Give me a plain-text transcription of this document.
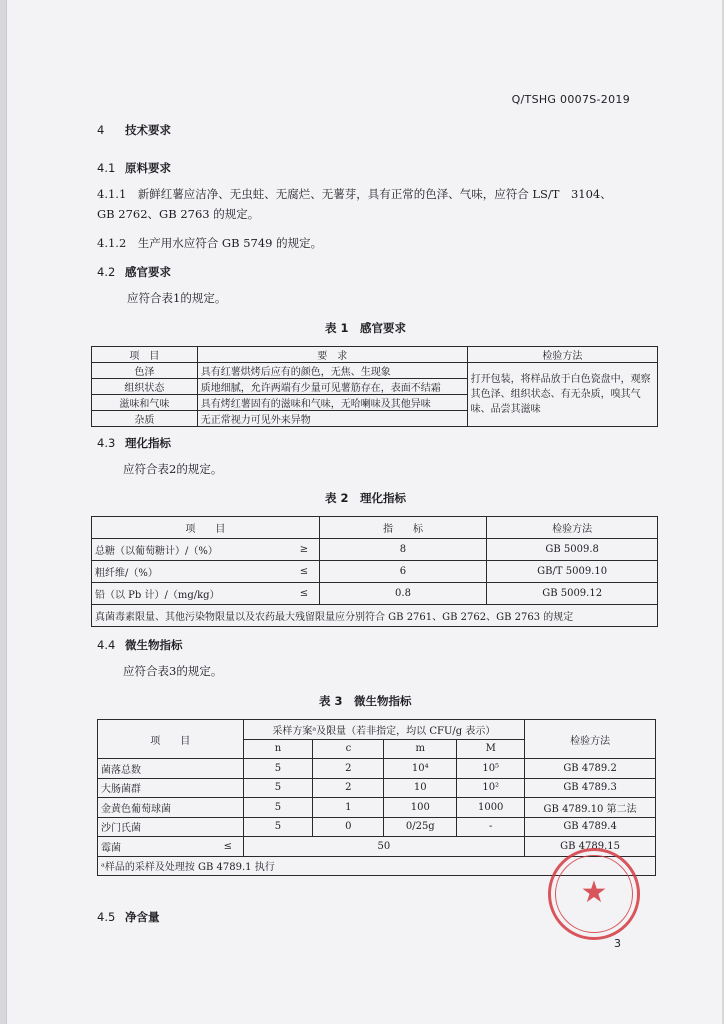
Q/TSHG 0007S-2019
4 技术要求
4.1 原料要求
4.1.1　新鲜红薯应洁净、无虫蛀、无腐烂、无薯芽，具有正常的色泽、气味，应符合 LS/T　3104、
GB 2762、GB 2763 的规定。
4.1.2　生产用水应符合 GB 5749 的规定。
4.2 感官要求
应符合表1的规定。
表 1　感官要求
项　目	要　求	检验方法
色泽	具有红薯烘烤后应有的颜色，无焦、生现象	打开包装，将样品放于白色瓷盘中，观察其色泽、组织状态、有无杂质，嗅其气味、品尝其滋味
组织状态	质地细腻，允许两端有少量可见薯筋存在，表面不结霜	
滋味和气味	具有烤红薯固有的滋味和气味，无哈喇味及其他异味	
杂质	无正常视力可见外来异物	
4.3 理化指标
应符合表2的规定。
表 2　理化指标
项　　目		指　　标	检验方法
总糖（以葡萄糖计）/（%）	≥	8	GB 5009.8
粗纤维/（%）	≤	6	GB/T 5009.10
铅（以 Pb 计）/（mg/kg）	≤	0.8	GB 5009.12
真菌毒素限量、其他污染物限量以及农药最大残留限量应分别符合 GB 2761、GB 2762、GB 2763 的规定			
4.4 微生物指标
应符合表3的规定。
表 3　微生物指标
项　　目		采样方案ᵃ及限量（若非指定，均以 CFU/g 表示）				检验方法
		n	c	m	M	
菌落总数		5	2	10⁴	10⁵	GB 4789.2
大肠菌群		5	2	10	10²	GB 4789.3
金黄色葡萄球菌		5	1	100	1000	GB 4789.10 第二法
沙门氏菌		5	0	0/25g	-	GB 4789.4
霉菌	≤	50				GB 4789.15
ᵃ样品的采样及处理按 GB 4789.1 执行						
4.5 净含量
★
3
